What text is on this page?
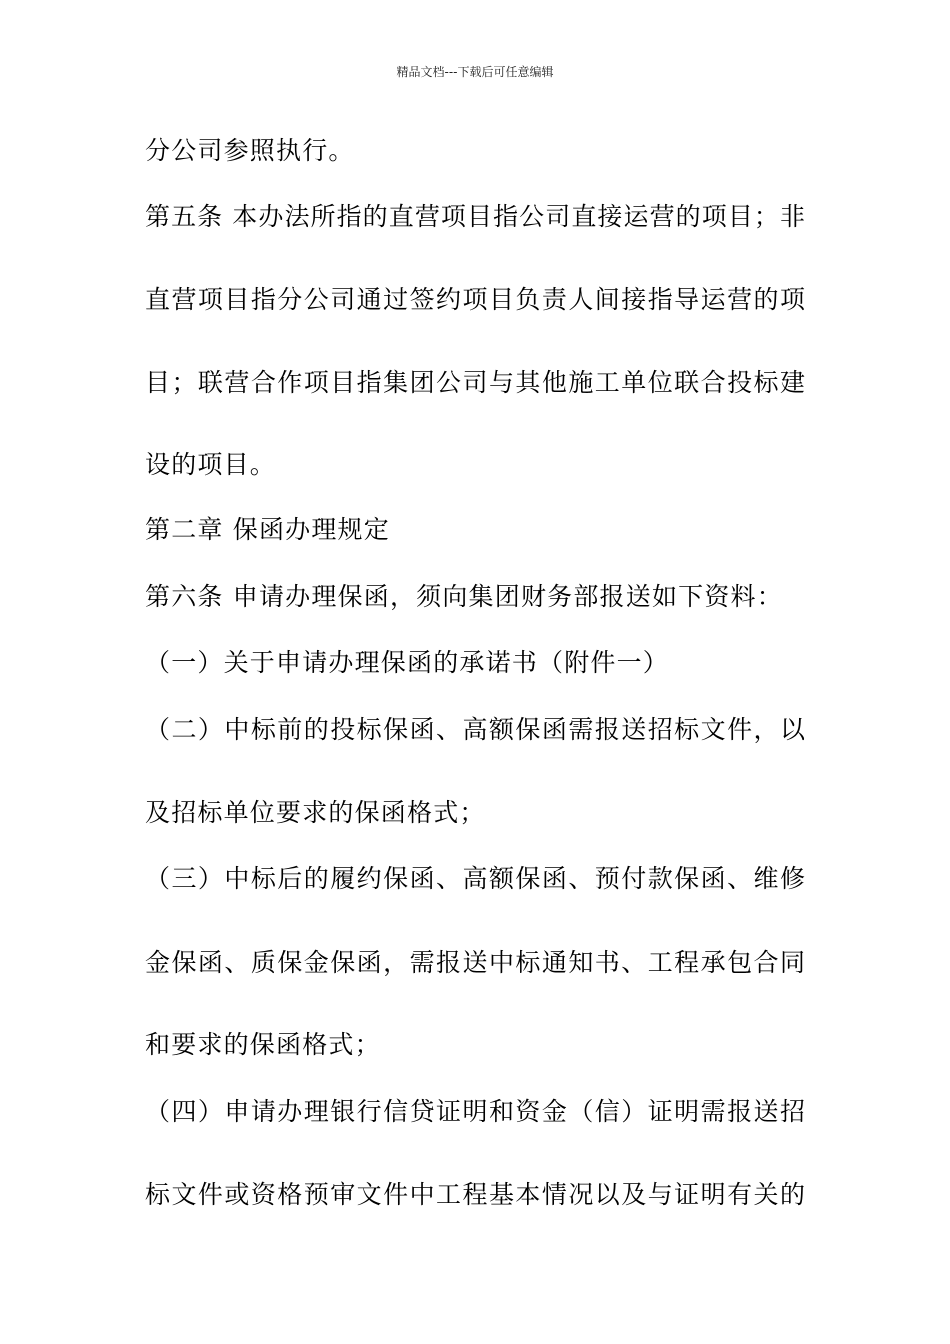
精品文档---下载后可任意编辑
分公司参照执行。
第五条 本办法所指的直营项目指公司直接运营的项目；非
直营项目指分公司通过签约项目负责人间接指导运营的项
目；联营合作项目指集团公司与其他施工单位联合投标建
设的项目。
第二章 保函办理规定
第六条 申请办理保函，须向集团财务部报送如下资料：
（一）关于申请办理保函的承诺书（附件一）
（二）中标前的投标保函、高额保函需报送招标文件，以
及招标单位要求的保函格式；
（三）中标后的履约保函、高额保函、预付款保函、维修
金保函、质保金保函，需报送中标通知书、工程承包合同
和要求的保函格式；
（四）申请办理银行信贷证明和资金（信）证明需报送招
标文件或资格预审文件中工程基本情况以及与证明有关的
